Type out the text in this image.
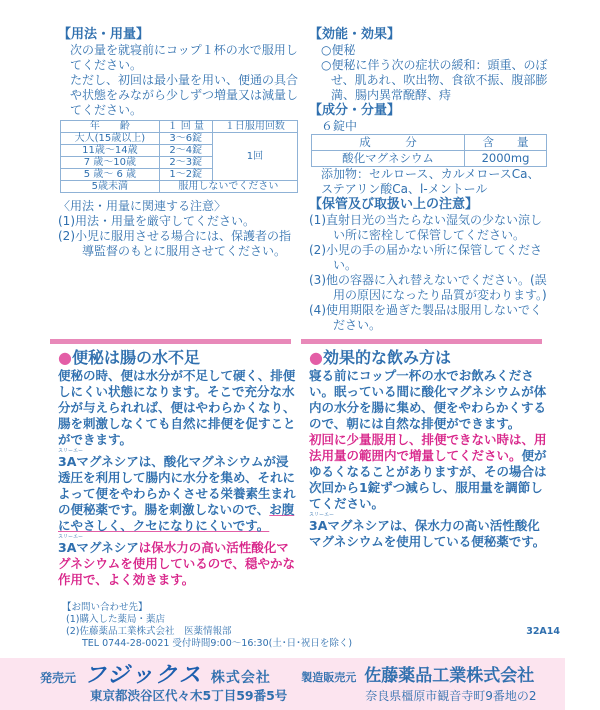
【用法・用量】
次の量を就寝前にコップ１杯の水で服用してください。
ただし、初回は最小量を用い、便通の具合や状態をみながら少しずつ増量又は減量してください。
年　　齢	１ 回 量	１日服用回数
大人(15歳以上)	3〜6錠	1回
11歳〜14歳	2〜4錠	
7 歳〜10歳	2〜3錠	
5 歳〜 6 歳	1〜2錠	
5歳未満	服用しないでください	
〈用法・用量に関連する注意〉
(1)用法・用量を厳守してください。
(2)小児に服用させる場合には、保護者の指導監督のもとに服用させてください。
【効能・効果】
○便秘
○便秘に伴う次の症状の緩和：頭重、のぼせ、肌あれ、吹出物、食欲不振、腹部膨満、腸内異常醗酵、痔
【成分・分量】
６錠中
成　　　分	含　　量
酸化マグネシウム	2000mg
添加物：セルロース、カルメロースCa、ステアリン酸Ca、l-メントール
【保管及び取扱い上の注意】
(1)直射日光の当たらない湿気の少ない涼しい所に密栓して保管してください。
(2)小児の手の届かない所に保管してください。
(3)他の容器に入れ替えないでください。(誤用の原因になったり品質が変わります。)
(4)使用期限を過ぎた製品は服用しないでください。
●便秘は腸の水不足
便秘の時、便は水分が不足して硬く、排便しにくい状態になります。そこで充分な水分が与えられれば、便はやわらかくなり、腸を刺激しなくても自然に排便を促すことができます。
スリーエー
3Aマグネシアは、酸化マグネシウムが浸透圧を利用して腸内に水分を集め、それによって便をやわらかくさせる栄養素生まれの便秘薬です。腸を刺激しないので、お腹にやさしく、クセになりにくいです。
スリーエー
3Aマグネシアは保水力の高い活性酸化マグネシウムを使用しているので、穏やかな作用で、よく効きます。
●効果的な飲み方は
寝る前にコップ一杯の水でお飲みください。眠っている間に酸化マグネシウムが体内の水分を腸に集め、便をやわらかくするので、朝には自然な排便ができます。
初回に少量服用し、排便できない時は、用法用量の範囲内で増量してください。便がゆるくなることがありますが、その場合は次回から1錠ずつ減らし、服用量を調節してください。
スリーエー
3Aマグネシアは、保水力の高い活性酸化マグネシウムを使用している便秘薬です。
【お問い合わせ先】
(1)購入した薬局・薬店
(2)佐藤薬品工業株式会社　医薬情報部
TEL 0744-28-0021 受付時間9:00〜16:30(土･日･祝日を除く)
32A14
発売元 フジックス 株式会社
東京都渋谷区代々木5丁目59番5号
製造販売元 佐藤薬品工業株式会社
奈良県橿原市観音寺町9番地の2
